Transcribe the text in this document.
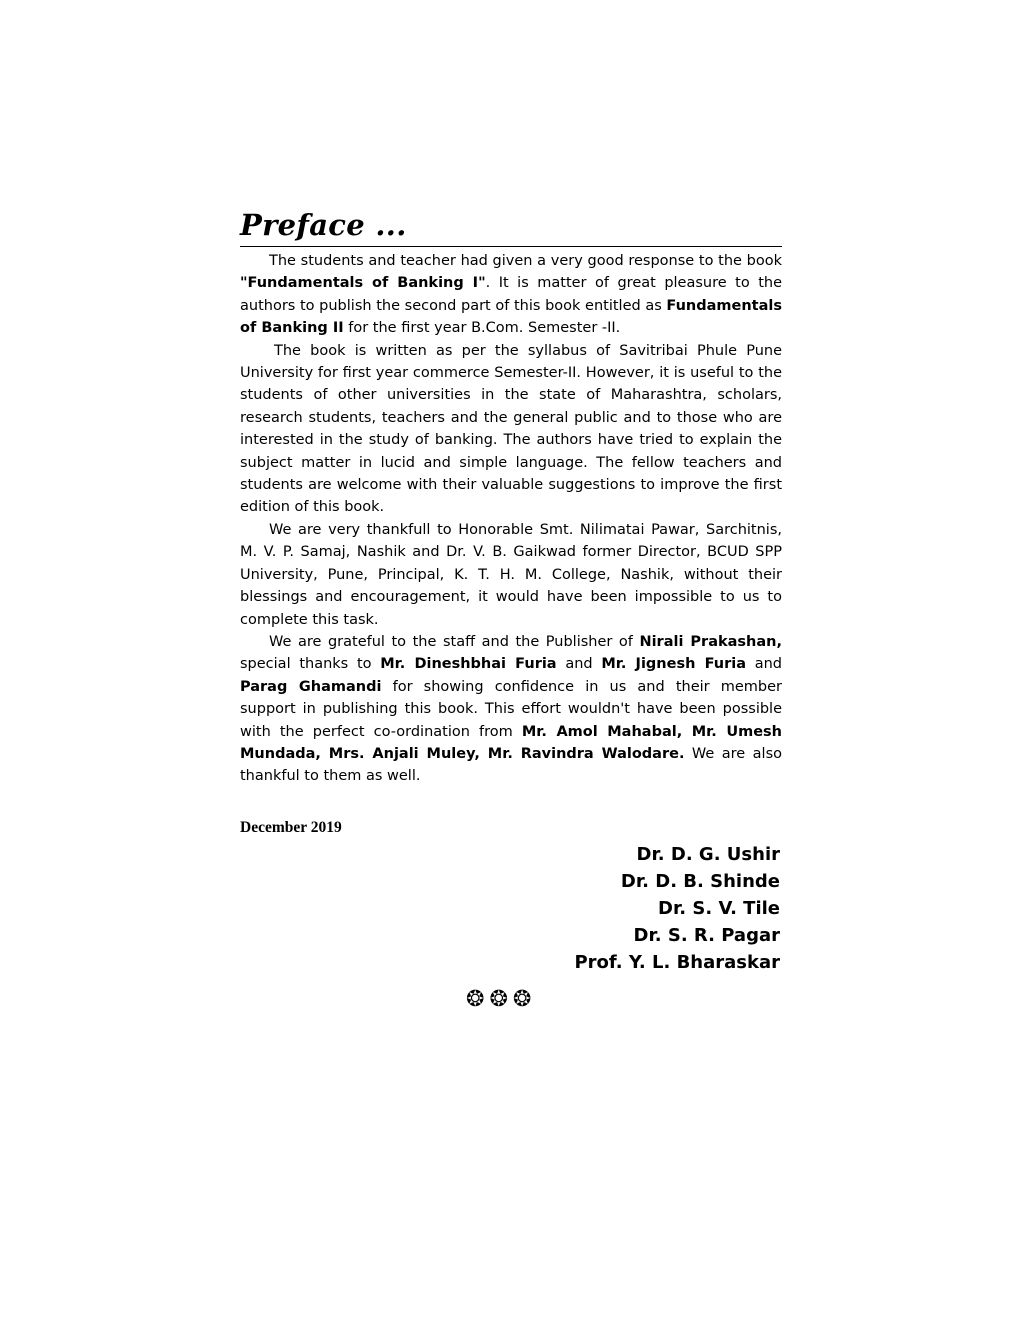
Preface ...

The students and teacher had given a very good response to the book "Fundamentals of Banking I". It is matter of great pleasure to the authors to publish the second part of this book entitled as Fundamentals of Banking II for the first year B.Com. Semester -II.

The book is written as per the syllabus of Savitribai Phule Pune University for first year commerce Semester-II. However, it is useful to the students of other universities in the state of Maharashtra, scholars, research students, teachers and the general public and to those who are interested in the study of banking. The authors have tried to explain the subject matter in lucid and simple language. The fellow teachers and students are welcome with their valuable suggestions to improve the first edition of this book.

We are very thankfull to Honorable Smt. Nilimatai Pawar, Sarchitnis, M. V. P. Samaj, Nashik and Dr. V. B. Gaikwad former Director, BCUD SPP University, Pune, Principal, K. T. H. M. College, Nashik, without their blessings and encouragement, it would have been impossible to us to complete this task.

We are grateful to the staff and the Publisher of Nirali Prakashan, special thanks to Mr. Dineshbhai Furia and Mr. Jignesh Furia and Parag Ghamandi for showing confidence in us and their member support in publishing this book. This effort wouldn't have been possible with the perfect co-ordination from Mr. Amol Mahabal, Mr. Umesh Mundada, Mrs. Anjali Muley, Mr. Ravindra Walodare. We are also thankful to them as well.

December 2019
Dr. D. G. Ushir
Dr. D. B. Shinde
Dr. S. V. Tile
Dr. S. R. Pagar
Prof. Y. L. Bharaskar
❂❂❂
